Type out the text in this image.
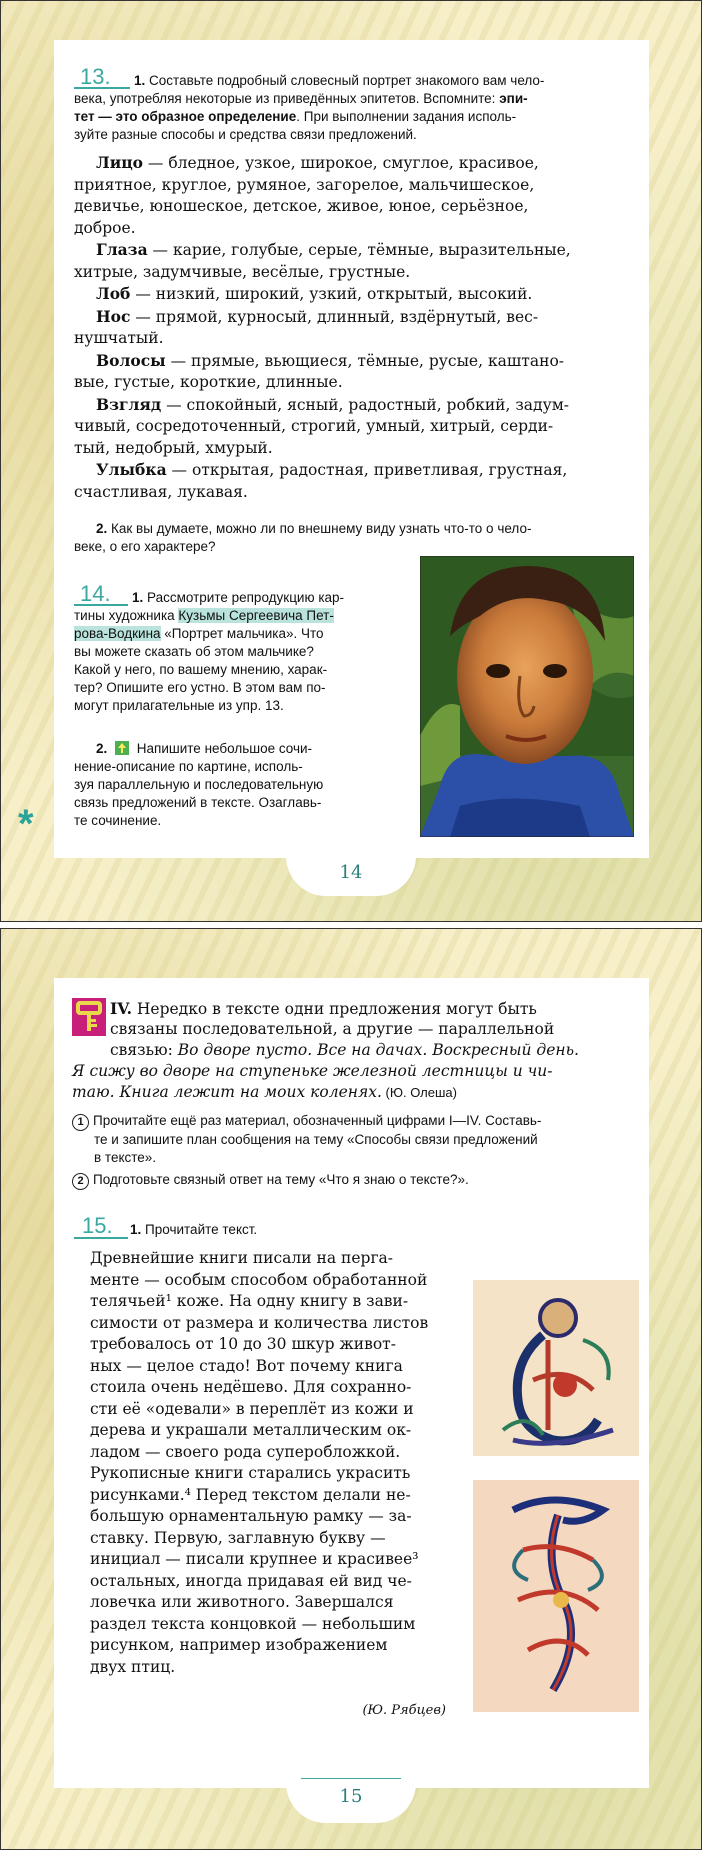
13. 1. Составьте подробный словесный портрет знакомого вам чело-
века, употребляя некоторые из приведённых эпитетов. Вспомните: эпи-
тет — это образное определение. При выполнении задания исполь-
зуйте разные способы и средства связи предложений.
Лицо — бледное, узкое, широкое, смуглое, красивое,
приятное, круглое, румяное, загорелое, мальчишеское,
девичье, юношеское, детское, живое, юное, серьёзное,
доброе.
Глаза — карие, голубые, серые, тёмные, выразительные,
хитрые, задумчивые, весёлые, грустные.
Лоб — низкий, широкий, узкий, открытый, высокий.
Нос — прямой, курносый, длинный, вздёрнутый, вес-
нушчатый.
Волосы — прямые, вьющиеся, тёмные, русые, каштано-
вые, густые, короткие, длинные.
Взгляд — спокойный, ясный, радостный, робкий, задум-
чивый, сосредоточенный, строгий, умный, хитрый, серди-
тый, недобрый, хмурый.
Улыбка — открытая, радостная, приветливая, грустная,
счастливая, лукавая.
2. Как вы думаете, можно ли по внешнему виду узнать что-то о чело-
веке, о его характере?
14.	1. Рассмотрите репродукцию кар-
тины художника Кузьмы Сергеевича Пет-
рова-Водкина «Портрет мальчика». Что
вы можете сказать об этом мальчике?
Какой у него, по вашему мнению, харак-
тер? Опишите его устно. В этом вам по-
могут прилагательные из упр. 13.
2. Напишите небольшое сочи-
нение-описание по картине, исполь-
зуя параллельную и последовательную
связь предложений в тексте. Озаглавь-
те сочинение.
*
14
IV. Нередко в тексте одни предложения могут быть
связаны последовательной, а другие — параллельной
связью: Во дворе пусто. Все на дачах. Воскресный день.
Я сижу во дворе на ступеньке железной лестницы и чи-
таю. Книга лежит на моих коленях. (Ю. Олеша)
1 Прочитайте ещё раз материал, обозначенный цифрами I—IV. Составь-
те и запишите план сообщения на тему «Способы связи предложений
в тексте».
2 Подготовьте связный ответ на тему «Что я знаю о тексте?».
15. 1. Прочитайте текст.
Древнейшие книги писали на перга-
менте — особым способом обработанной
телячьей¹ коже. На одну книгу в зави-
симости от размера и количества листов
требовалось от 10 до 30 шкур живот-
ных — целое стадо! Вот почему книга
стоила очень недёшево. Для сохранно-
сти её «одевали» в переплёт из кожи и
дерева и украшали металлическим ок-
ладом — своего рода суперобложкой.
Рукописные книги старались украсить
рисунками.⁴ Перед текстом делали не-
большую орнаментальную рамку — за-
ставку. Первую, заглавную букву —
инициал — писали крупнее и красивее³
остальных, иногда придавая ей вид че-
ловечка или животного. Завершался
раздел текста концовкой — небольшим
рисунком, например изображением
двух птиц.
(Ю. Рябцев)
15
